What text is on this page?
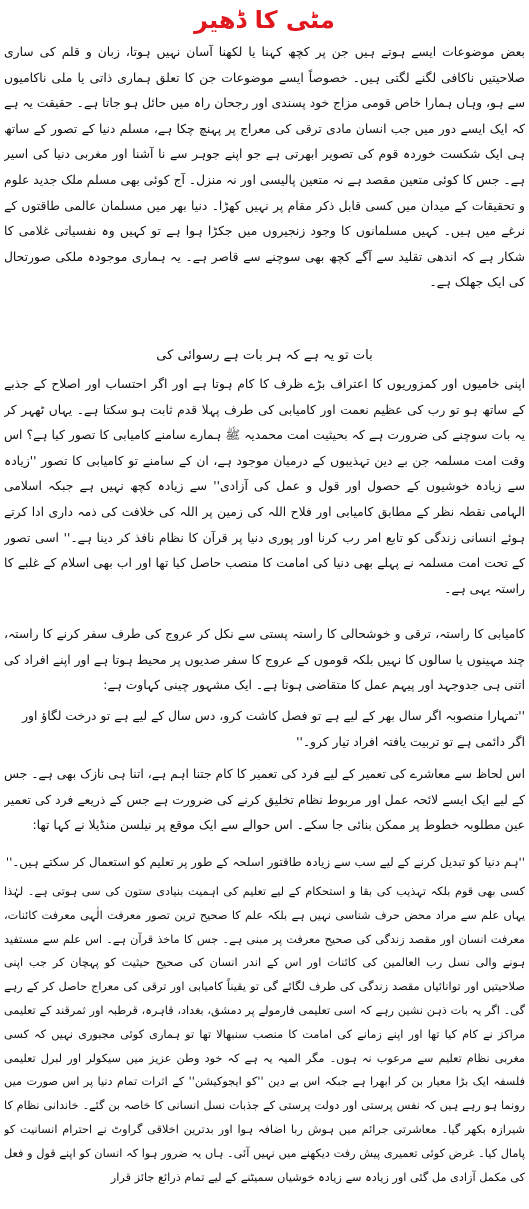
مٹی کا ڈھیر

بعض موضوعات ایسے ہوتے ہیں جن پر کچھ کہنا یا لکھنا آسان نہیں ہوتا، زبان و قلم کی ساری صلاحیتیں ناکافی لگنے لگتی ہیں۔ خصوصاً ایسے موضوعات جن کا تعلق ہماری ذاتی یا ملی ناکامیوں سے ہو، وہاں ہمارا خاص قومی مزاج خود پسندی اور رجحان راہ میں حائل ہو جاتا ہے۔ حقیقت یہ ہے کہ ایک ایسے دور میں جب انسان مادی ترقی کی معراج پر پہنچ چکا ہے، مسلم دنیا کے تصور کے ساتھ ہی ایک شکست خوردہ قوم کی تصویر ابھرتی ہے جو اپنے جوہر سے نا آشنا اور مغربی دنیا کی اسیر ہے۔ جس کا کوئی متعین مقصد ہے نہ متعین پالیسی اور نہ منزل۔ آج کوئی بھی مسلم ملک جدید علوم و تحقیقات کے میدان میں کسی قابل ذکر مقام پر نہیں کھڑا۔ دنیا بھر میں مسلمان عالمی طاقتوں کے نرغے میں ہیں۔ کہیں مسلمانوں کا وجود زنجیروں میں جکڑا ہوا ہے تو کہیں وہ نفسیاتی غلامی کا شکار ہے کہ اندھی تقلید سے آگے کچھ بھی سوچنے سے قاصر ہے۔ یہ ہماری موجودہ ملکی صورتحال کی ایک جھلک ہے۔

بات تو یہ ہے کہ ہر بات ہے رسوائی کی

اپنی خامیوں اور کمزوریوں کا اعتراف بڑے ظرف کا کام ہوتا ہے اور اگر احتساب اور اصلاح کے جذبے کے ساتھ ہو تو رب کی عظیم نعمت اور کامیابی کی طرف پہلا قدم ثابت ہو سکتا ہے۔ یہاں ٹھہر کر یہ بات سوچنے کی ضرورت ہے کہ بحیثیت امت محمدیہ ﷺ ہمارے سامنے کامیابی کا تصور کیا ہے؟ اس وقت امت مسلمہ جن بے دین تہذیبوں کے درمیان موجود ہے، ان کے سامنے تو کامیابی کا تصور ''زیادہ سے زیادہ خوشیوں کے حصول اور قول و عمل کی آزادی'' سے زیادہ کچھ نہیں ہے جبکہ اسلامی الہامی نقطہ نظر کے مطابق کامیابی اور فلاح اللہ کی زمین پر اللہ کی خلافت کی ذمہ داری ادا کرتے ہوئے انسانی زندگی کو تابع امر رب کرنا اور پوری دنیا پر قرآن کا نظام نافذ کر دینا ہے۔'' اسی تصور کے تحت امت مسلمہ نے پہلے بھی دنیا کی امامت کا منصب حاصل کیا تھا اور اب بھی اسلام کے غلبے کا راستہ یہی ہے۔

کامیابی کا راستہ، ترقی و خوشحالی کا راستہ پستی سے نکل کر عروج کی طرف سفر کرنے کا راستہ، چند مہینوں یا سالوں کا نہیں بلکہ قوموں کے عروج کا سفر صدیوں پر محیط ہوتا ہے اور اپنے افراد کی اتنی ہی جدوجہد اور پیہم عمل کا متقاضی ہوتا ہے۔ ایک مشہور چینی کہاوت ہے:

''تمہارا منصوبہ اگر سال بھر کے لیے ہے تو فصل کاشت کرو، دس سال کے لیے ہے تو درخت لگاؤ اور اگر دائمی ہے تو تربیت یافتہ افراد تیار کرو۔''

اس لحاظ سے معاشرے کی تعمیر کے لیے فرد کی تعمیر کا کام جتنا اہم ہے، اتنا ہی نازک بھی ہے۔ جس کے لیے ایک ایسے لائحہ عمل اور مربوط نظام تخلیق کرنے کی ضرورت ہے جس کے ذریعے فرد کی تعمیر عین مطلوبہ خطوط پر ممکن بنائی جا سکے۔ اس حوالے سے ایک موقع پر نیلسن منڈیلا نے کہا تھا:

''ہم دنیا کو تبدیل کرنے کے لیے سب سے زیادہ طاقتور اسلحہ کے طور پر تعلیم کو استعمال کر سکتے ہیں۔''

کسی بھی قوم بلکہ تہذیب کی بقا و استحکام کے لیے تعلیم کی اہمیت بنیادی ستون کی سی ہوتی ہے۔ لہٰذا یہاں علم سے مراد محض حرف شناسی نہیں ہے بلکہ علم کا صحیح ترین تصور معرفت الٰہی معرفت کائنات، معرفت انسان اور مقصد زندگی کی صحیح معرفت پر مبنی ہے۔ جس کا ماخذ قرآن ہے۔ اس علم سے مستفید ہونے والی نسل رب العالمین کی کائنات اور اس کے اندر انسان کی صحیح حیثیت کو پہچان کر جب اپنی صلاحیتیں اور توانائیاں مقصد زندگی کی طرف لگائے گی تو یقیناً کامیابی اور ترقی کی معراج حاصل کر کے رہے گی۔ اگر یہ بات ذہن نشین رہے کہ اسی تعلیمی فارمولے پر دمشق، بغداد، قاہرہ، قرطبہ اور ثمرقند کے تعلیمی مراکز نے کام کیا تھا اور اپنے زمانے کی امامت کا منصب سنبھالا تھا تو ہماری کوئی مجبوری نہیں کہ کسی مغربی نظام تعلیم سے مرعوب نہ ہوں۔ مگر المیہ یہ ہے کہ خود وطن عزیز میں سیکولر اور لبرل تعلیمی فلسفہ ایک بڑا معیار بن کر ابھرا ہے جبکہ اس بے دین ''کو ایجوکیشن'' کے اثرات تمام دنیا پر اس صورت میں رونما ہو رہے ہیں کہ نفس پرستی اور دولت پرستی کے جذبات نسل انسانی کا خاصہ بن گئے۔ خاندانی نظام کا شیرازہ بکھر گیا۔ معاشرتی جرائم میں ہوش ربا اضافہ ہوا اور بدترین اخلاقی گراوٹ نے احترام انسانیت کو پامال کیا۔ غرض کوئی تعمیری پیش رفت دیکھنے میں نہیں آئی۔ ہاں یہ ضرور ہوا کہ انسان کو اپنے قول و فعل کی مکمل آزادی مل گئی اور زیادہ سے زیادہ خوشیاں سمیٹنے کے لیے تمام ذرائع جائز قرار
